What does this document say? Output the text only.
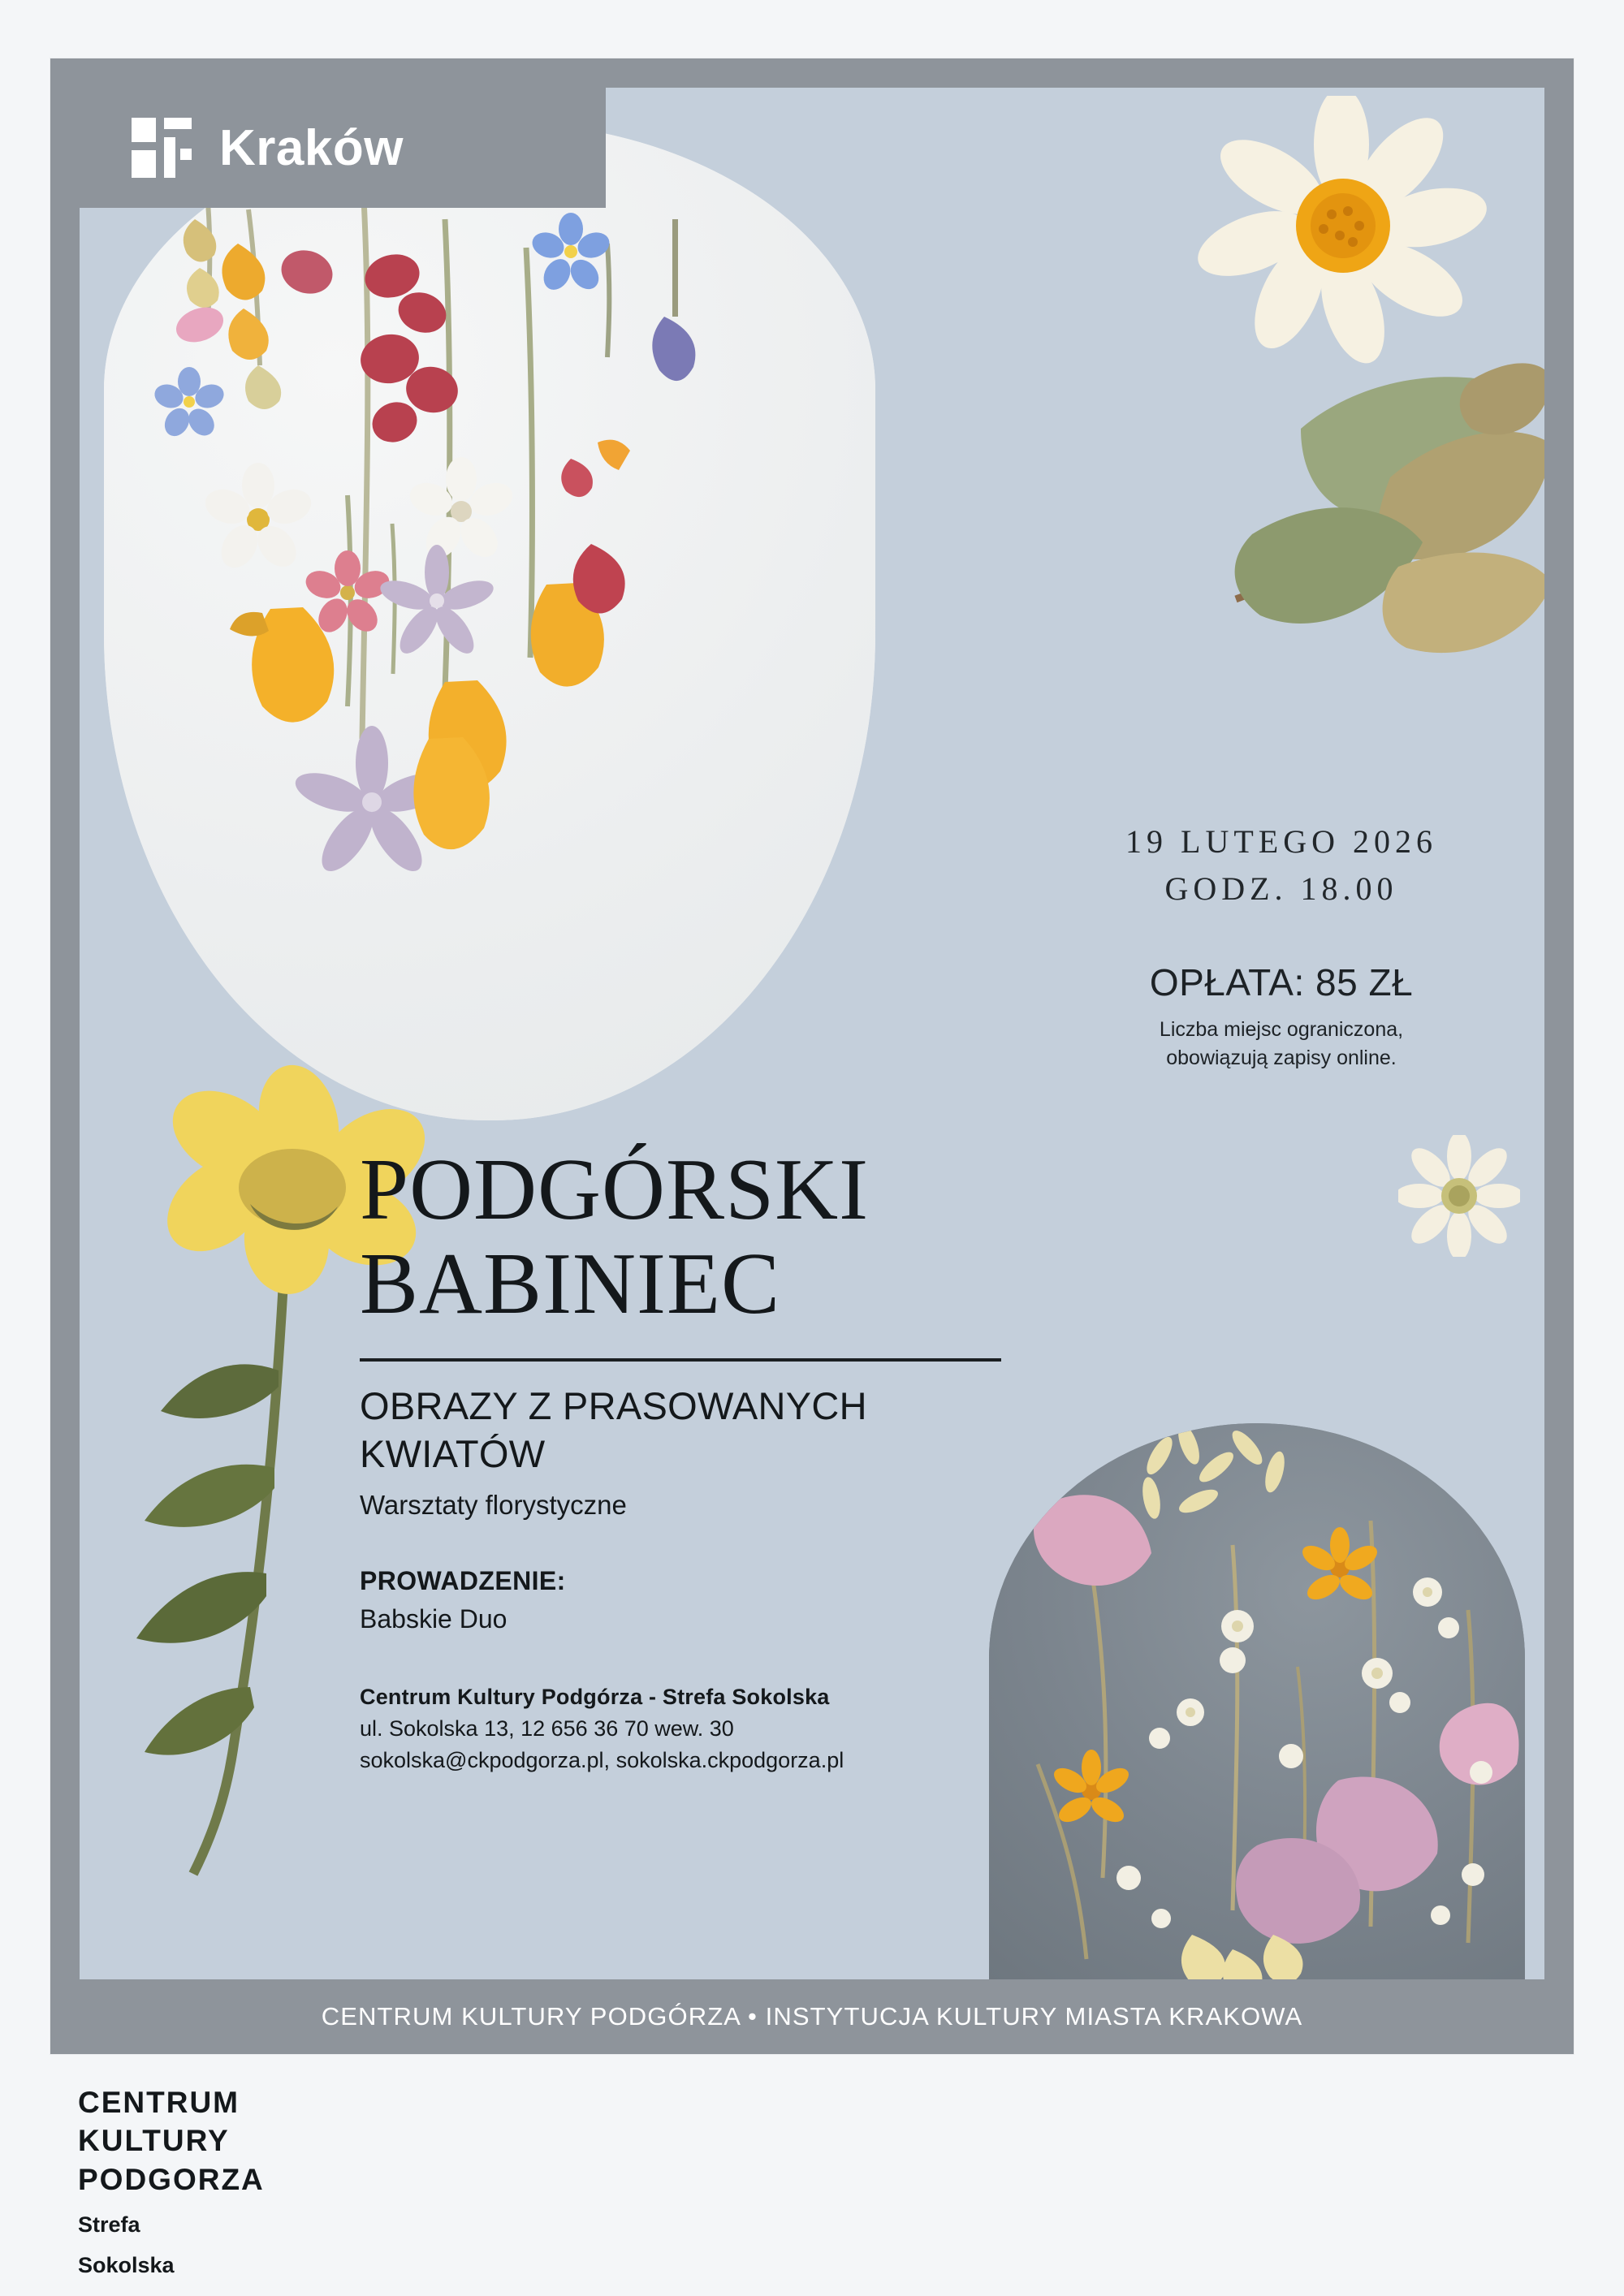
Kraków
19 LUTEGO 2026
GODZ. 18.00
OPŁATA: 85 ZŁ
Liczba miejsc ograniczona,
obowiązują zapisy online.
PODGÓRSKI
BABINIEC
OBRAZY Z PRASOWANYCH
KWIATÓW
Warsztaty florystyczne
PROWADZENIE:
Babskie Duo
Centrum Kultury Podgórza - Strefa Sokolska
ul. Sokolska 13, 12 656 36 70 wew. 30
sokolska@ckpodgorza.pl, sokolska.ckpodgorza.pl
CENTRUM KULTURY PODGÓRZA • INSTYTUCJA KULTURY MIASTA KRAKOWA
CENTRUM
KULTURY
PODGORZA
Strefa
Sokolska
